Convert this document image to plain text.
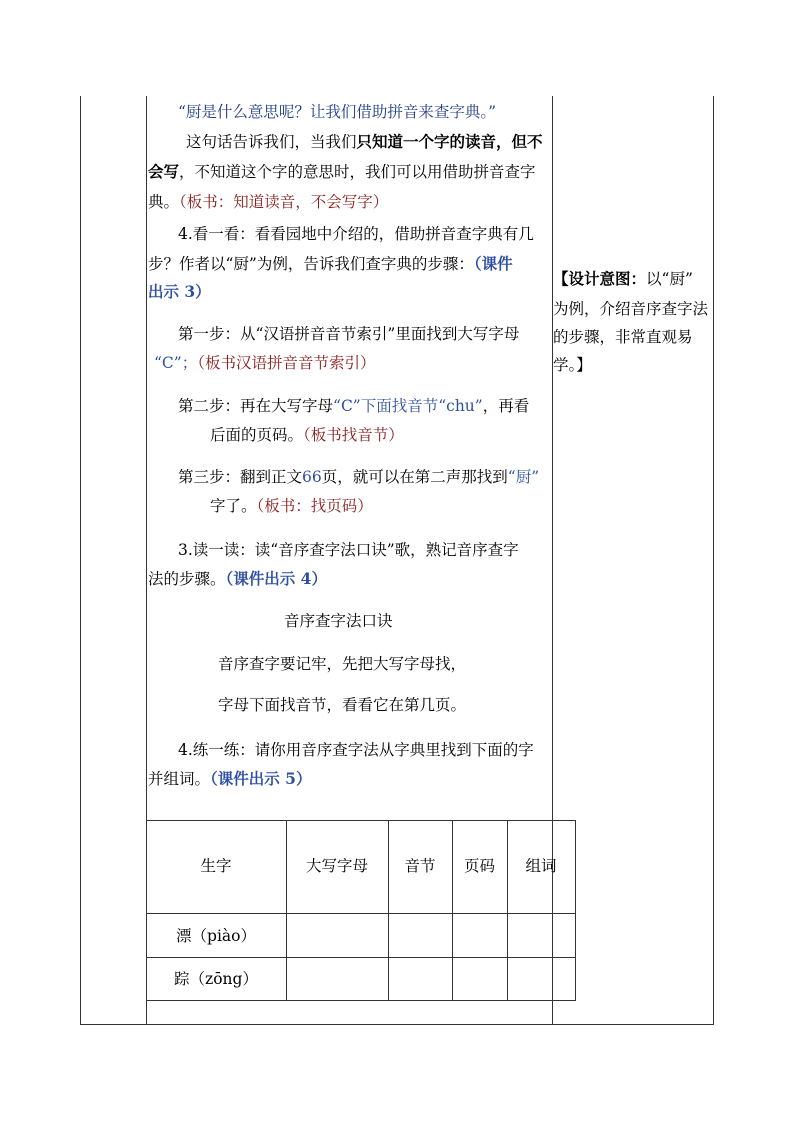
“厨是什么意思呢？让我们借助拼音来查字典。”
这句话告诉我们，当我们只知道一个字的读音，但不
会写，不知道这个字的意思时，我们可以用借助拼音查字
典。（板书：知道读音，不会写字）
4.看一看：看看园地中介绍的，借助拼音查字典有几
步？作者以“厨”为例，告诉我们查字典的步骤：（课件
出示 3）
第一步：从“汉语拼音音节索引”里面找到大写字母
“C”；（板书汉语拼音音节索引）
第二步：再在大写字母“C”下面找音节“chu”，再看
后面的页码。（板书找音节）
第三步：翻到正文66页，就可以在第二声那找到“厨”
字了。（板书：找页码）
3.读一读：读“音序查字法口诀”歌，熟记音序查字
法的步骤。（课件出示 4）
音序查字法口诀
音序查字要记牢，先把大写字母找，
字母下面找音节，看看它在第几页。
4.练一练：请你用音序查字法从字典里找到下面的字
并组词。（课件出示 5）
【设计意图：以“厨”
为例，介绍音序查字法
的步骤，非常直观易
学。】
生字	大写字母	音节	页码	组词
漂（piào）
踪（zōng）
